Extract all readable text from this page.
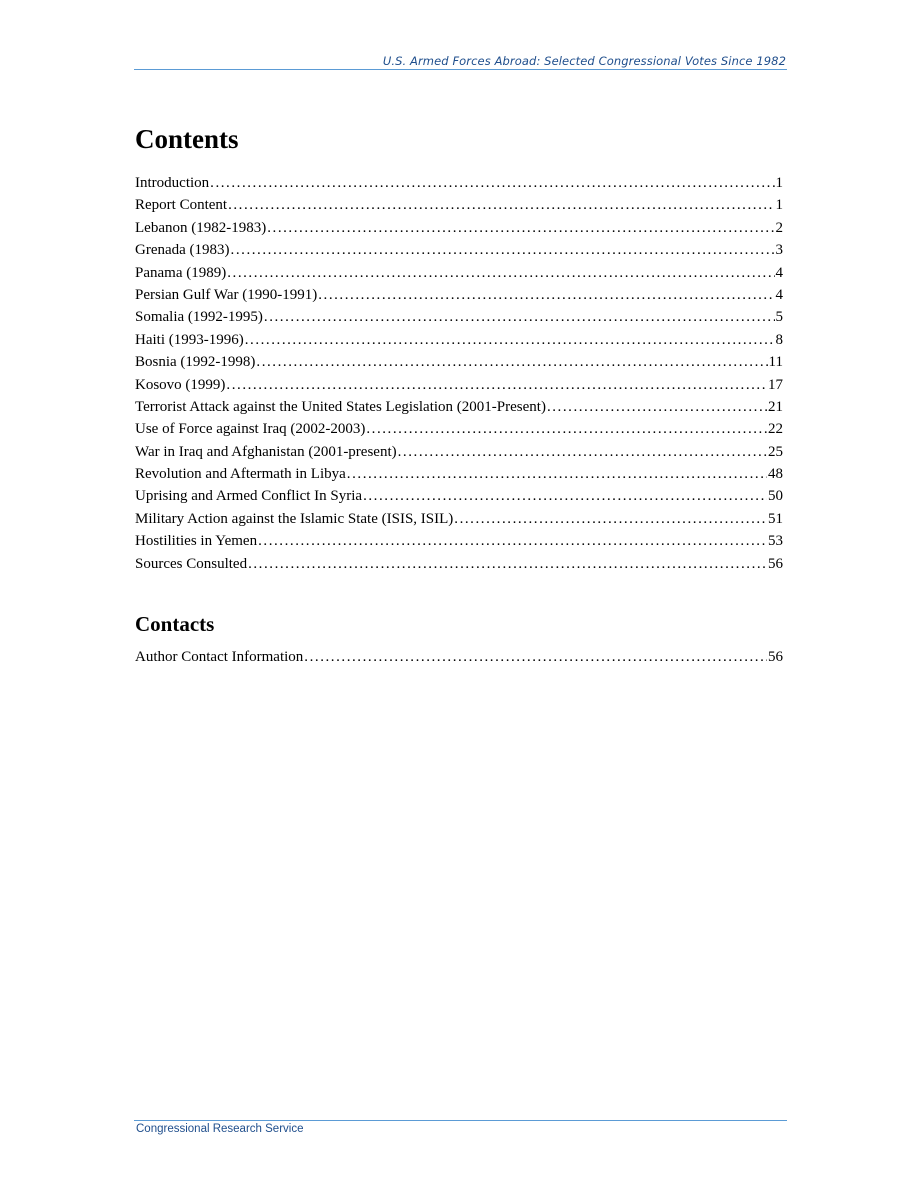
U.S. Armed Forces Abroad: Selected Congressional Votes Since 1982
Contents
Introduction . . .	1
Report Content . . .	1
Lebanon (1982-1983) . . .	2
Grenada (1983) . . .	3
Panama (1989) . . .	4
Persian Gulf War (1990-1991) . . .	4
Somalia (1992-1995) . . .	5
Haiti (1993-1996) . . .	8
Bosnia (1992-1998) . . .	11
Kosovo (1999) . . .	17
Terrorist Attack against the United States Legislation (2001-Present) . . .	21
Use of Force against Iraq (2002-2003) . . .	22
War in Iraq and Afghanistan (2001-present) . . .	25
Revolution and Aftermath in Libya . . .	48
Uprising and Armed Conflict In Syria . . .	50
Military Action against the Islamic State (ISIS, ISIL) . . .	51
Hostilities in Yemen . . .	53
Sources Consulted . . .	56
Contacts
Author Contact Information . . .	56
Congressional Research Service
